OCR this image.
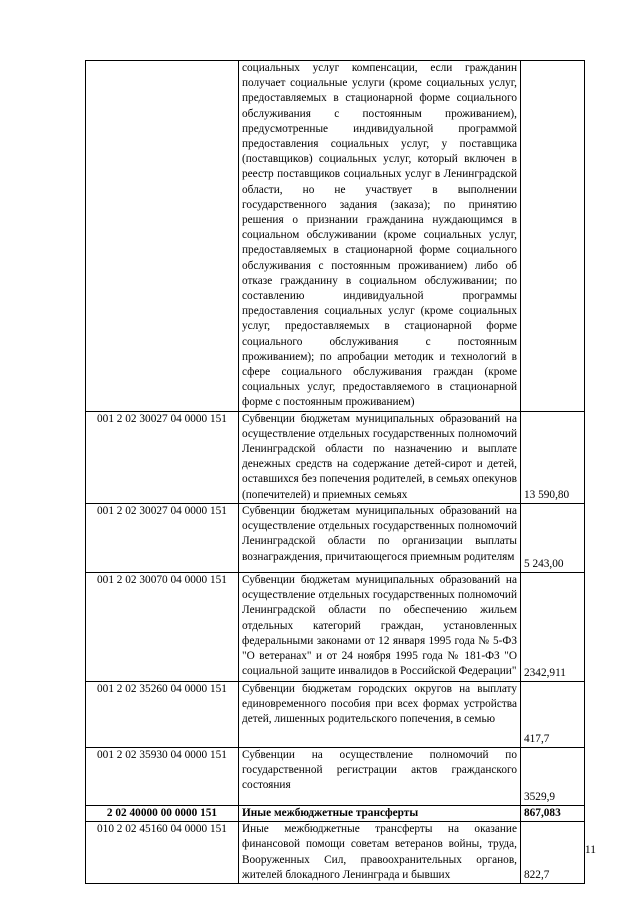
	социальных услуг компенсации, если гражданин получает социальные услуги (кроме социальных услуг, предоставляемых в стационарной форме социального обслуживания с постоянным проживанием), предусмотренные индивидуальной программой предоставления социальных услуг, у поставщика (поставщиков) социальных услуг, который включен в реестр поставщиков социальных услуг в Ленинградской области, но не участвует в выполнении государственного задания (заказа); по принятию решения о признании гражданина нуждающимся в социальном обслуживании (кроме социальных услуг, предоставляемых в стационарной форме социального обслуживания с постоянным проживанием) либо об отказе гражданину в социальном обслуживании; по составлению индивидуальной программы предоставления социальных услуг (кроме социальных услуг, предоставляемых в стационарной форме социального обслуживания с постоянным проживанием); по апробации методик и технологий в сфере социального обслуживания граждан (кроме социальных услуг, предоставляемого в стационарной форме с постоянным проживанием)	
001 2 02 30027 04 0000 151	Субвенции бюджетам муниципальных образований на осуществление отдельных государственных полномочий Ленинградской области по назначению и выплате денежных средств на содержание детей-сирот и детей, оставшихся без попечения родителей, в семьях опекунов (попечителей) и приемных семьях	13 590,80
001 2 02 30027 04 0000 151	Субвенции бюджетам муниципальных образований на осуществление отдельных государственных полномочий Ленинградской области по организации выплаты вознаграждения, причитающегося приемным родителям	5 243,00
001 2 02 30070 04 0000 151	Субвенции бюджетам муниципальных образований на осуществление отдельных государственных полномочий Ленинградской области по обеспечению жильем отдельных категорий граждан, установленных федеральными законами от 12 января 1995 года № 5-ФЗ "О ветеранах" и от 24 ноября 1995 года № 181-ФЗ "О социальной защите инвалидов в Российской Федерации"	2342,911
001 2 02 35260 04 0000 151	Субвенции бюджетам городских округов на выплату единовременного пособия при всех формах устройства детей, лишенных родительского попечения, в семью	417,7
001 2 02 35930 04 0000 151	Субвенции на осуществление полномочий по государственной регистрации актов гражданского состояния	3529,9
2 02 40000 00 0000 151	Иные межбюджетные трансферты	867,083
010 2 02 45160 04 0000 151	Иные межбюджетные трансферты на оказание финансовой помощи советам ветеранов войны, труда, Вооруженных Сил, правоохранительных органов, жителей блокадного Ленинграда и бывших	822,7
11
